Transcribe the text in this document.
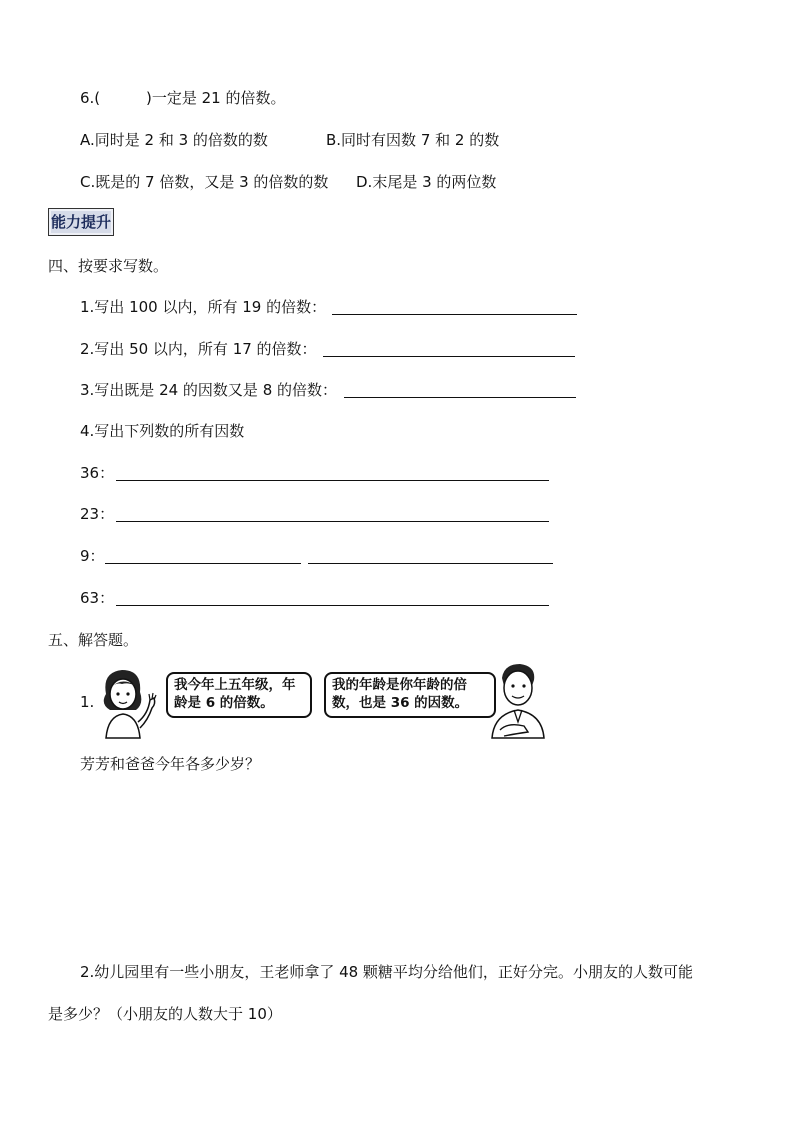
6.(	)一定是 21 的倍数。
A.同时是 2 和 3 的倍数的数	B.同时有因数 7 和 2 的数
C.既是的 7 倍数，又是 3 的倍数的数 D.末尾是 3 的两位数
能力提升
四、按要求写数。
1.写出 100 以内，所有 19 的倍数：
2.写出 50 以内，所有 17 的倍数：
3.写出既是 24 的因数又是 8 的倍数：
4.写出下列数的所有因数
36：
23：
9：
63：
五、解答题。
1.
我今年上五年级，年龄是 6 的倍数。
我的年龄是你年龄的倍数，也是 36 的因数。
芳芳和爸爸今年各多少岁？
2.幼儿园里有一些小朋友，王老师拿了 48 颗糖平均分给他们，正好分完。小朋友的人数可能
是多少？（小朋友的人数大于 10）
